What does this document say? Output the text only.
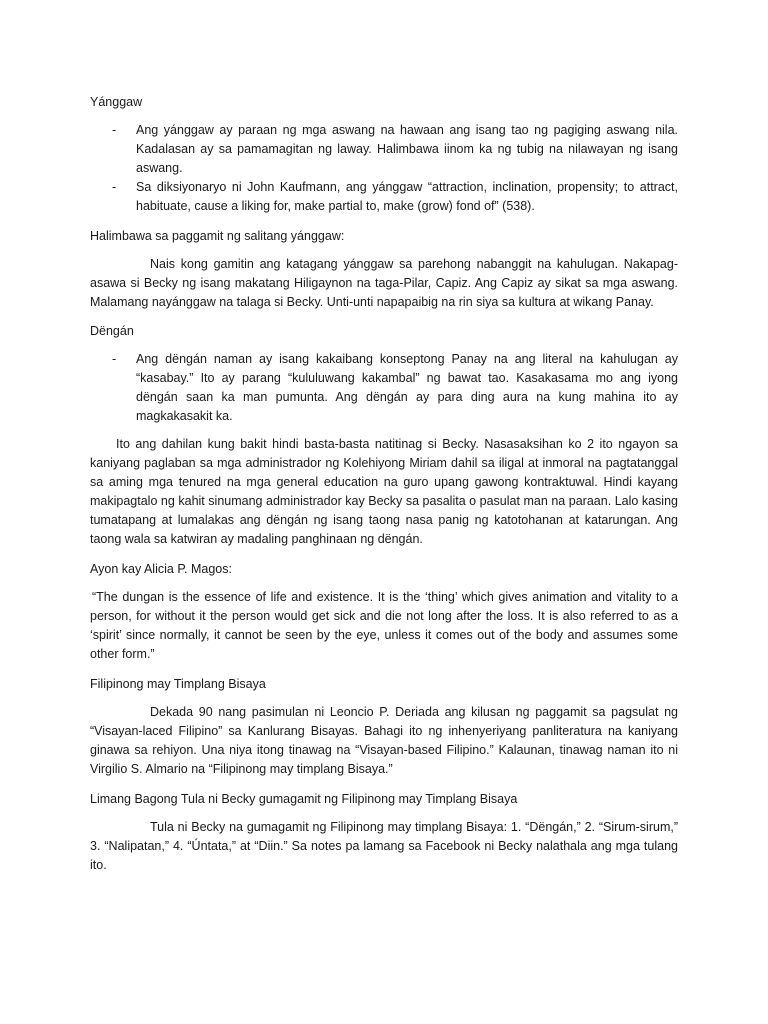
Yánggaw
- Ang yánggaw ay paraan ng mga aswang na hawaan ang isang tao ng pagiging aswang nila. Kadalasan ay sa pamamagitan ng laway. Halimbawa iinom ka ng tubig na nilawayan ng isang aswang.
- Sa diksiyonaryo ni John Kaufmann, ang yánggaw “attraction, inclination, propensity; to attract, habituate, cause a liking for, make partial to, make (grow) fond of” (538).
Halimbawa sa paggamit ng salitang yánggaw:

Nais kong gamitin ang katagang yánggaw sa parehong nabanggit na kahulugan. Nakapag-asawa si Becky ng isang makatang Hiligaynon na taga-Pilar, Capiz. Ang Capiz ay sikat sa mga aswang. Malamang nayánggaw na talaga si Becky. Unti-unti napapaibig na rin siya sa kultura at wikang Panay.

Dëngán
- Ang dëngán naman ay isang kakaibang konseptong Panay na ang literal na kahulugan ay “kasabay.” Ito ay parang “kululuwang kakambal” ng bawat tao. Kasakasama mo ang iyong dëngán saan ka man pumunta. Ang dëngán ay para ding aura na kung mahina ito ay magkakasakit ka.

Ito ang dahilan kung bakit hindi basta-basta natitinag si Becky. Nasasaksihan ko 2 ito ngayon sa kaniyang paglaban sa mga administrador ng Kolehiyong Miriam dahil sa iligal at inmoral na pagtatanggal sa aming mga tenured na mga general education na guro upang gawong kontraktuwal. Hindi kayang makipagtalo ng kahit sinumang administrador kay Becky sa pasalita o pasulat man na paraan. Lalo kasing tumatapang at lumalakas ang dëngán ng isang taong nasa panig ng katotohanan at katarungan. Ang taong wala sa katwiran ay madaling panghinaan ng dëngán.

Ayon kay Alicia P. Magos:

“The dungan is the essence of life and existence. It is the ‘thing’ which gives animation and vitality to a person, for without it the person would get sick and die not long after the loss. It is also referred to as a ‘spirit’ since normally, it cannot be seen by the eye, unless it comes out of the body and assumes some other form.”

Filipinong may Timplang Bisaya

Dekada 90 nang pasimulan ni Leoncio P. Deriada ang kilusan ng paggamit sa pagsulat ng “Visayan-laced Filipino” sa Kanlurang Bisayas. Bahagi ito ng inhenyeriyang panliteratura na kaniyang ginawa sa rehiyon. Una niya itong tinawag na “Visayan-based Filipino.” Kalaunan, tinawag naman ito ni Virgilio S. Almario na “Filipinong may timplang Bisaya.”

Limang Bagong Tula ni Becky gumagamit ng Filipinong may Timplang Bisaya

Tula ni Becky na gumagamit ng Filipinong may timplang Bisaya: 1. “Dëngán,” 2. “Sirum-sirum,” 3. “Nalipatan,” 4. “Úntata,” at “Diin.” Sa notes pa lamang sa Facebook ni Becky nalathala ang mga tulang ito.
